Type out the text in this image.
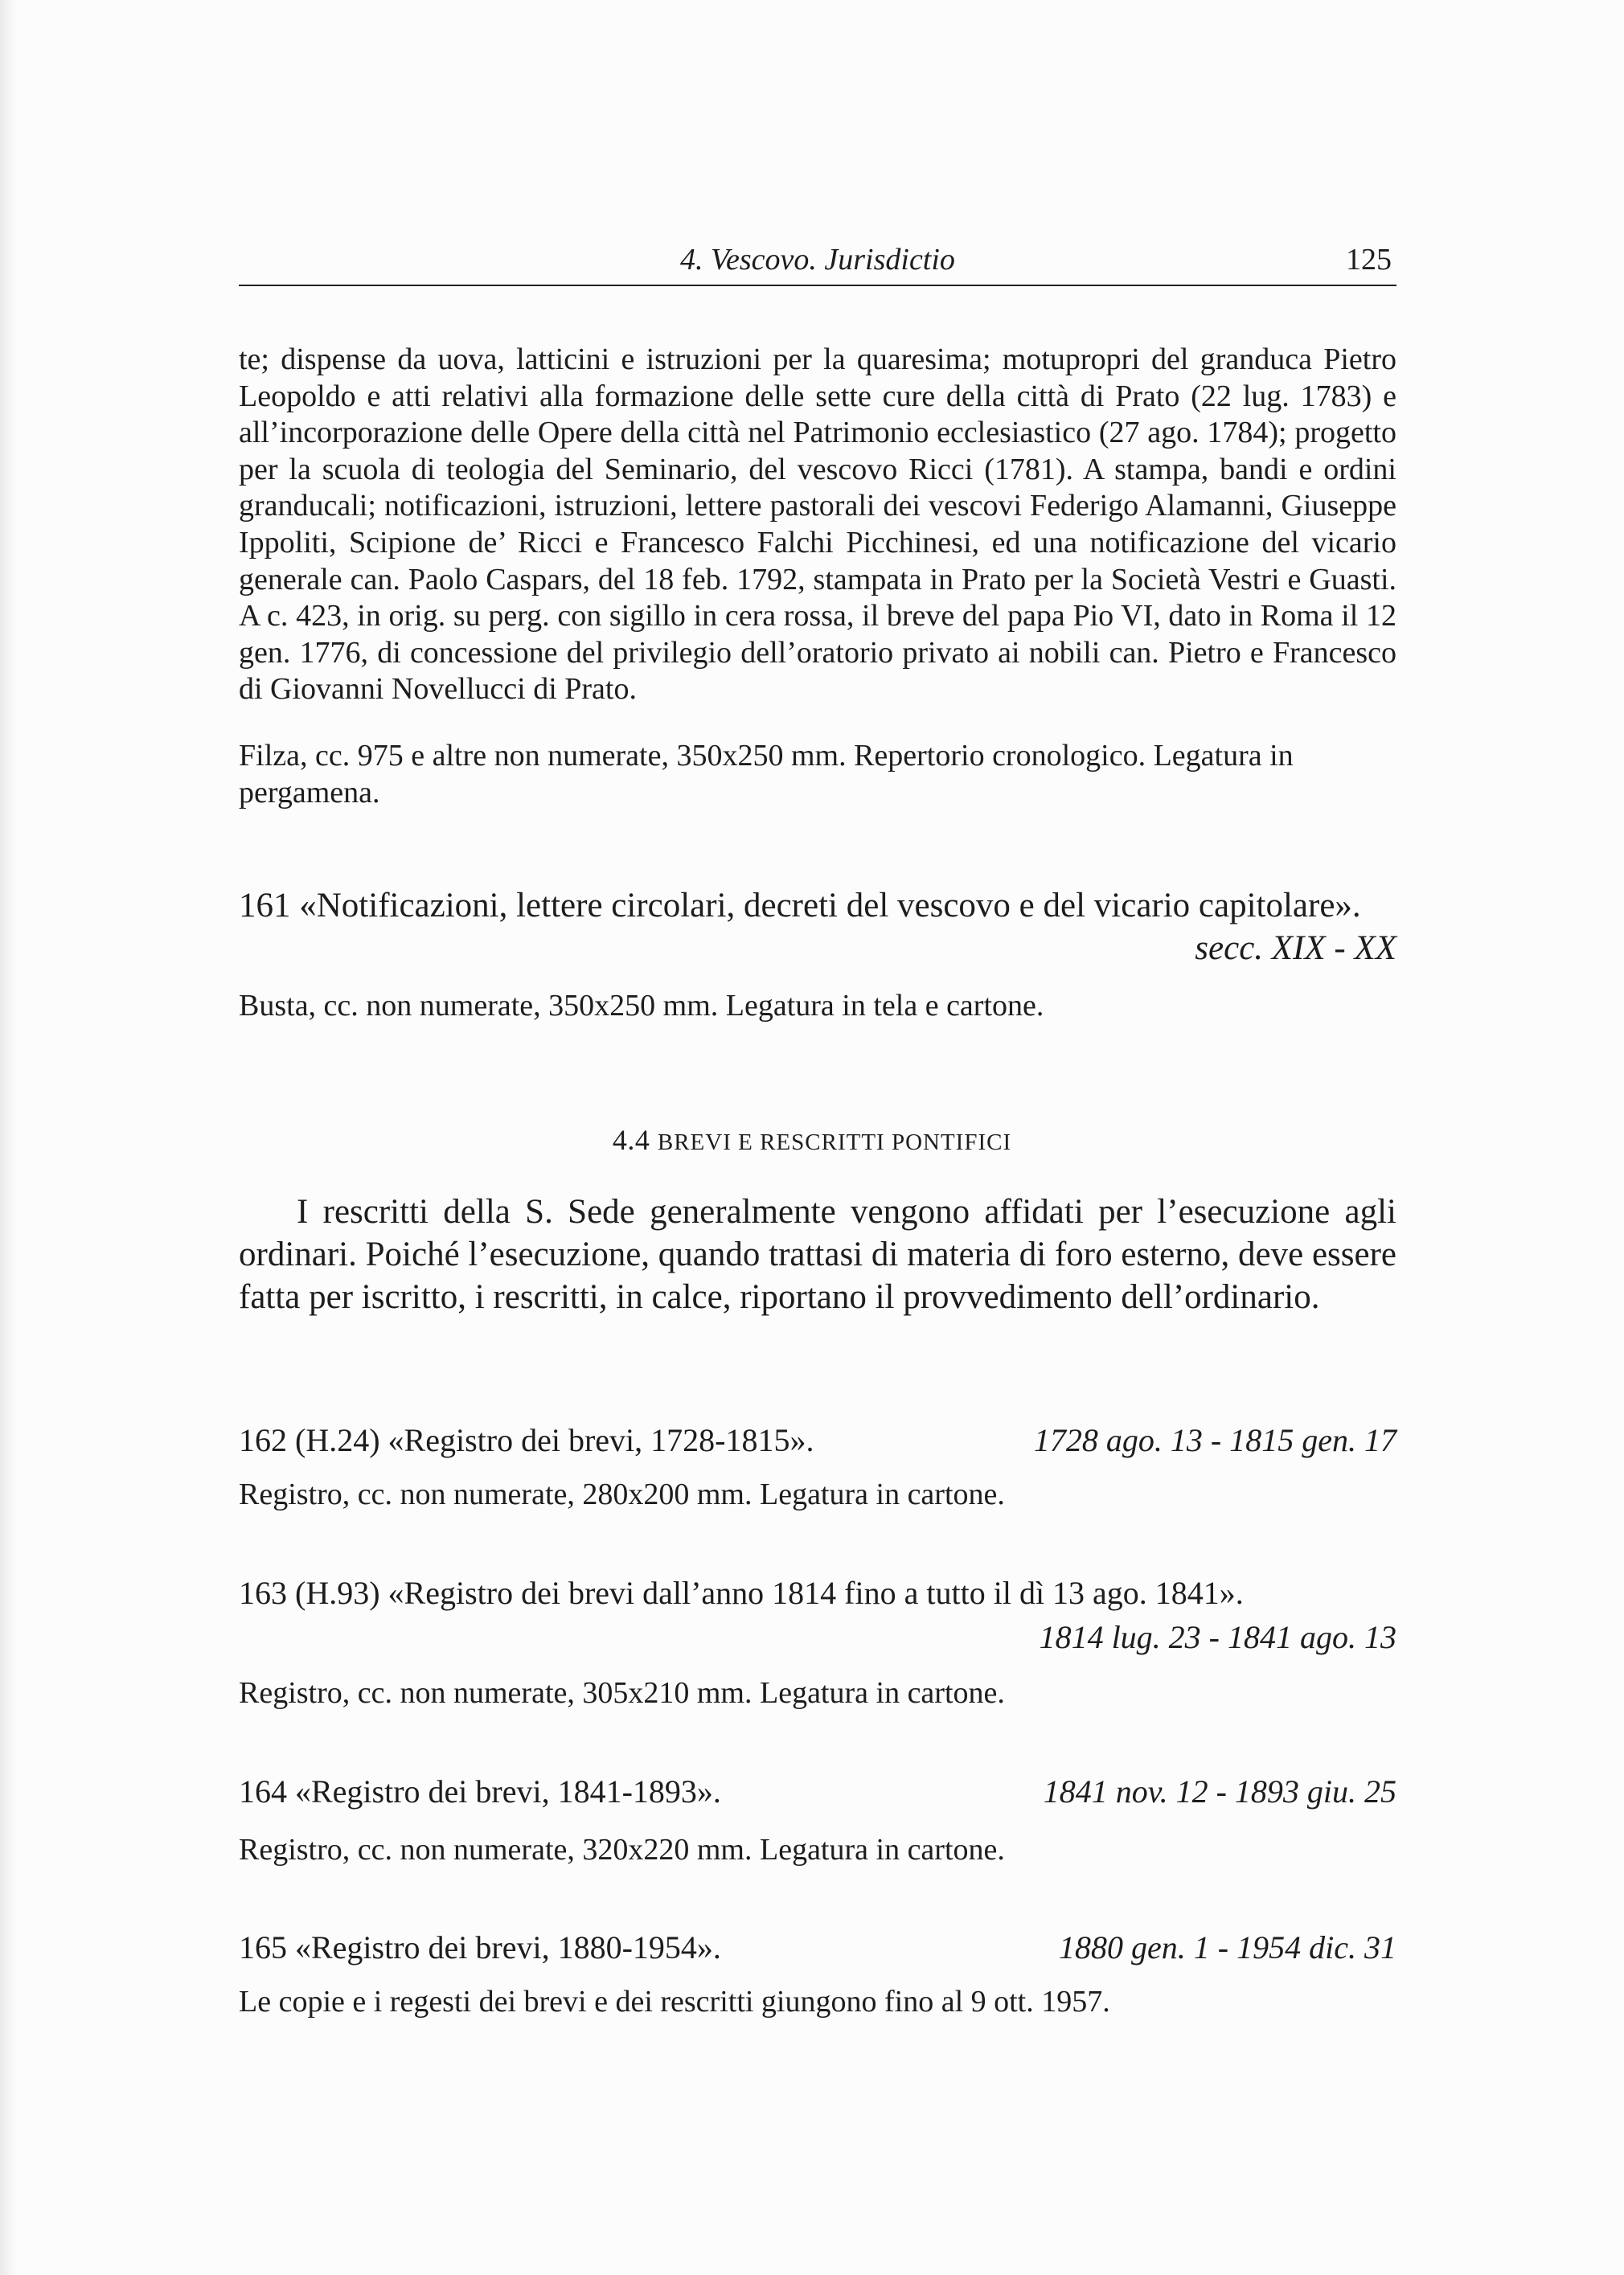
4. Vescovo. Jurisdictio	125

te; dispense da uova, latticini e istruzioni per la quaresima; motupropri del granduca Pietro Leopoldo e atti relativi alla formazione delle sette cure della città di Prato (22 lug. 1783) e all’incorporazione delle Opere della città nel Patrimonio ecclesiastico (27 ago. 1784); progetto per la scuola di teologia del Seminario, del vescovo Ricci (1781). A stampa, bandi e ordini granducali; notificazioni, istruzioni, lettere pastorali dei vescovi Federigo Alamanni, Giuseppe Ippoliti, Scipione de’ Ricci e Francesco Falchi Picchinesi, ed una notificazione del vicario generale can. Paolo Caspars, del 18 feb. 1792, stampata in Prato per la Società Vestri e Guasti. A c. 423, in orig. su perg. con sigillo in cera rossa, il breve del papa Pio VI, dato in Roma il 12 gen. 1776, di concessione del privilegio dell’oratorio privato ai nobili can. Pietro e Francesco di Giovanni Novellucci di Prato.

Filza, cc. 975 e altre non numerate, 350x250 mm. Repertorio cronologico. Legatura in pergamena.

161 «Notificazioni, lettere circolari, decreti del vescovo e del vicario capitolare».

secc. XIX - XX
Busta, cc. non numerate, 350x250 mm. Legatura in tela e cartone.
4.4 BREVI E RESCRITTI PONTIFICI

I rescritti della S. Sede generalmente vengono affidati per l’esecuzione agli ordinari. Poiché l’esecuzione, quando trattasi di materia di foro esterno, deve essere fatta per iscritto, i rescritti, in calce, riportano il provvedimento dell’ordinario.

162 (H.24) «Registro dei brevi, 1728-1815».	1728 ago. 13 - 1815 gen. 17
Registro, cc. non numerate, 280x200 mm. Legatura in cartone.
163 (H.93) «Registro dei brevi dall’anno 1814 fino a tutto il dì 13 ago. 1841».
1814 lug. 23 - 1841 ago. 13
Registro, cc. non numerate, 305x210 mm. Legatura in cartone.
164 «Registro dei brevi, 1841-1893».	1841 nov. 12 - 1893 giu. 25
Registro, cc. non numerate, 320x220 mm. Legatura in cartone.
165 «Registro dei brevi, 1880-1954».	1880 gen. 1 - 1954 dic. 31
Le copie e i regesti dei brevi e dei rescritti giungono fino al 9 ott. 1957.
